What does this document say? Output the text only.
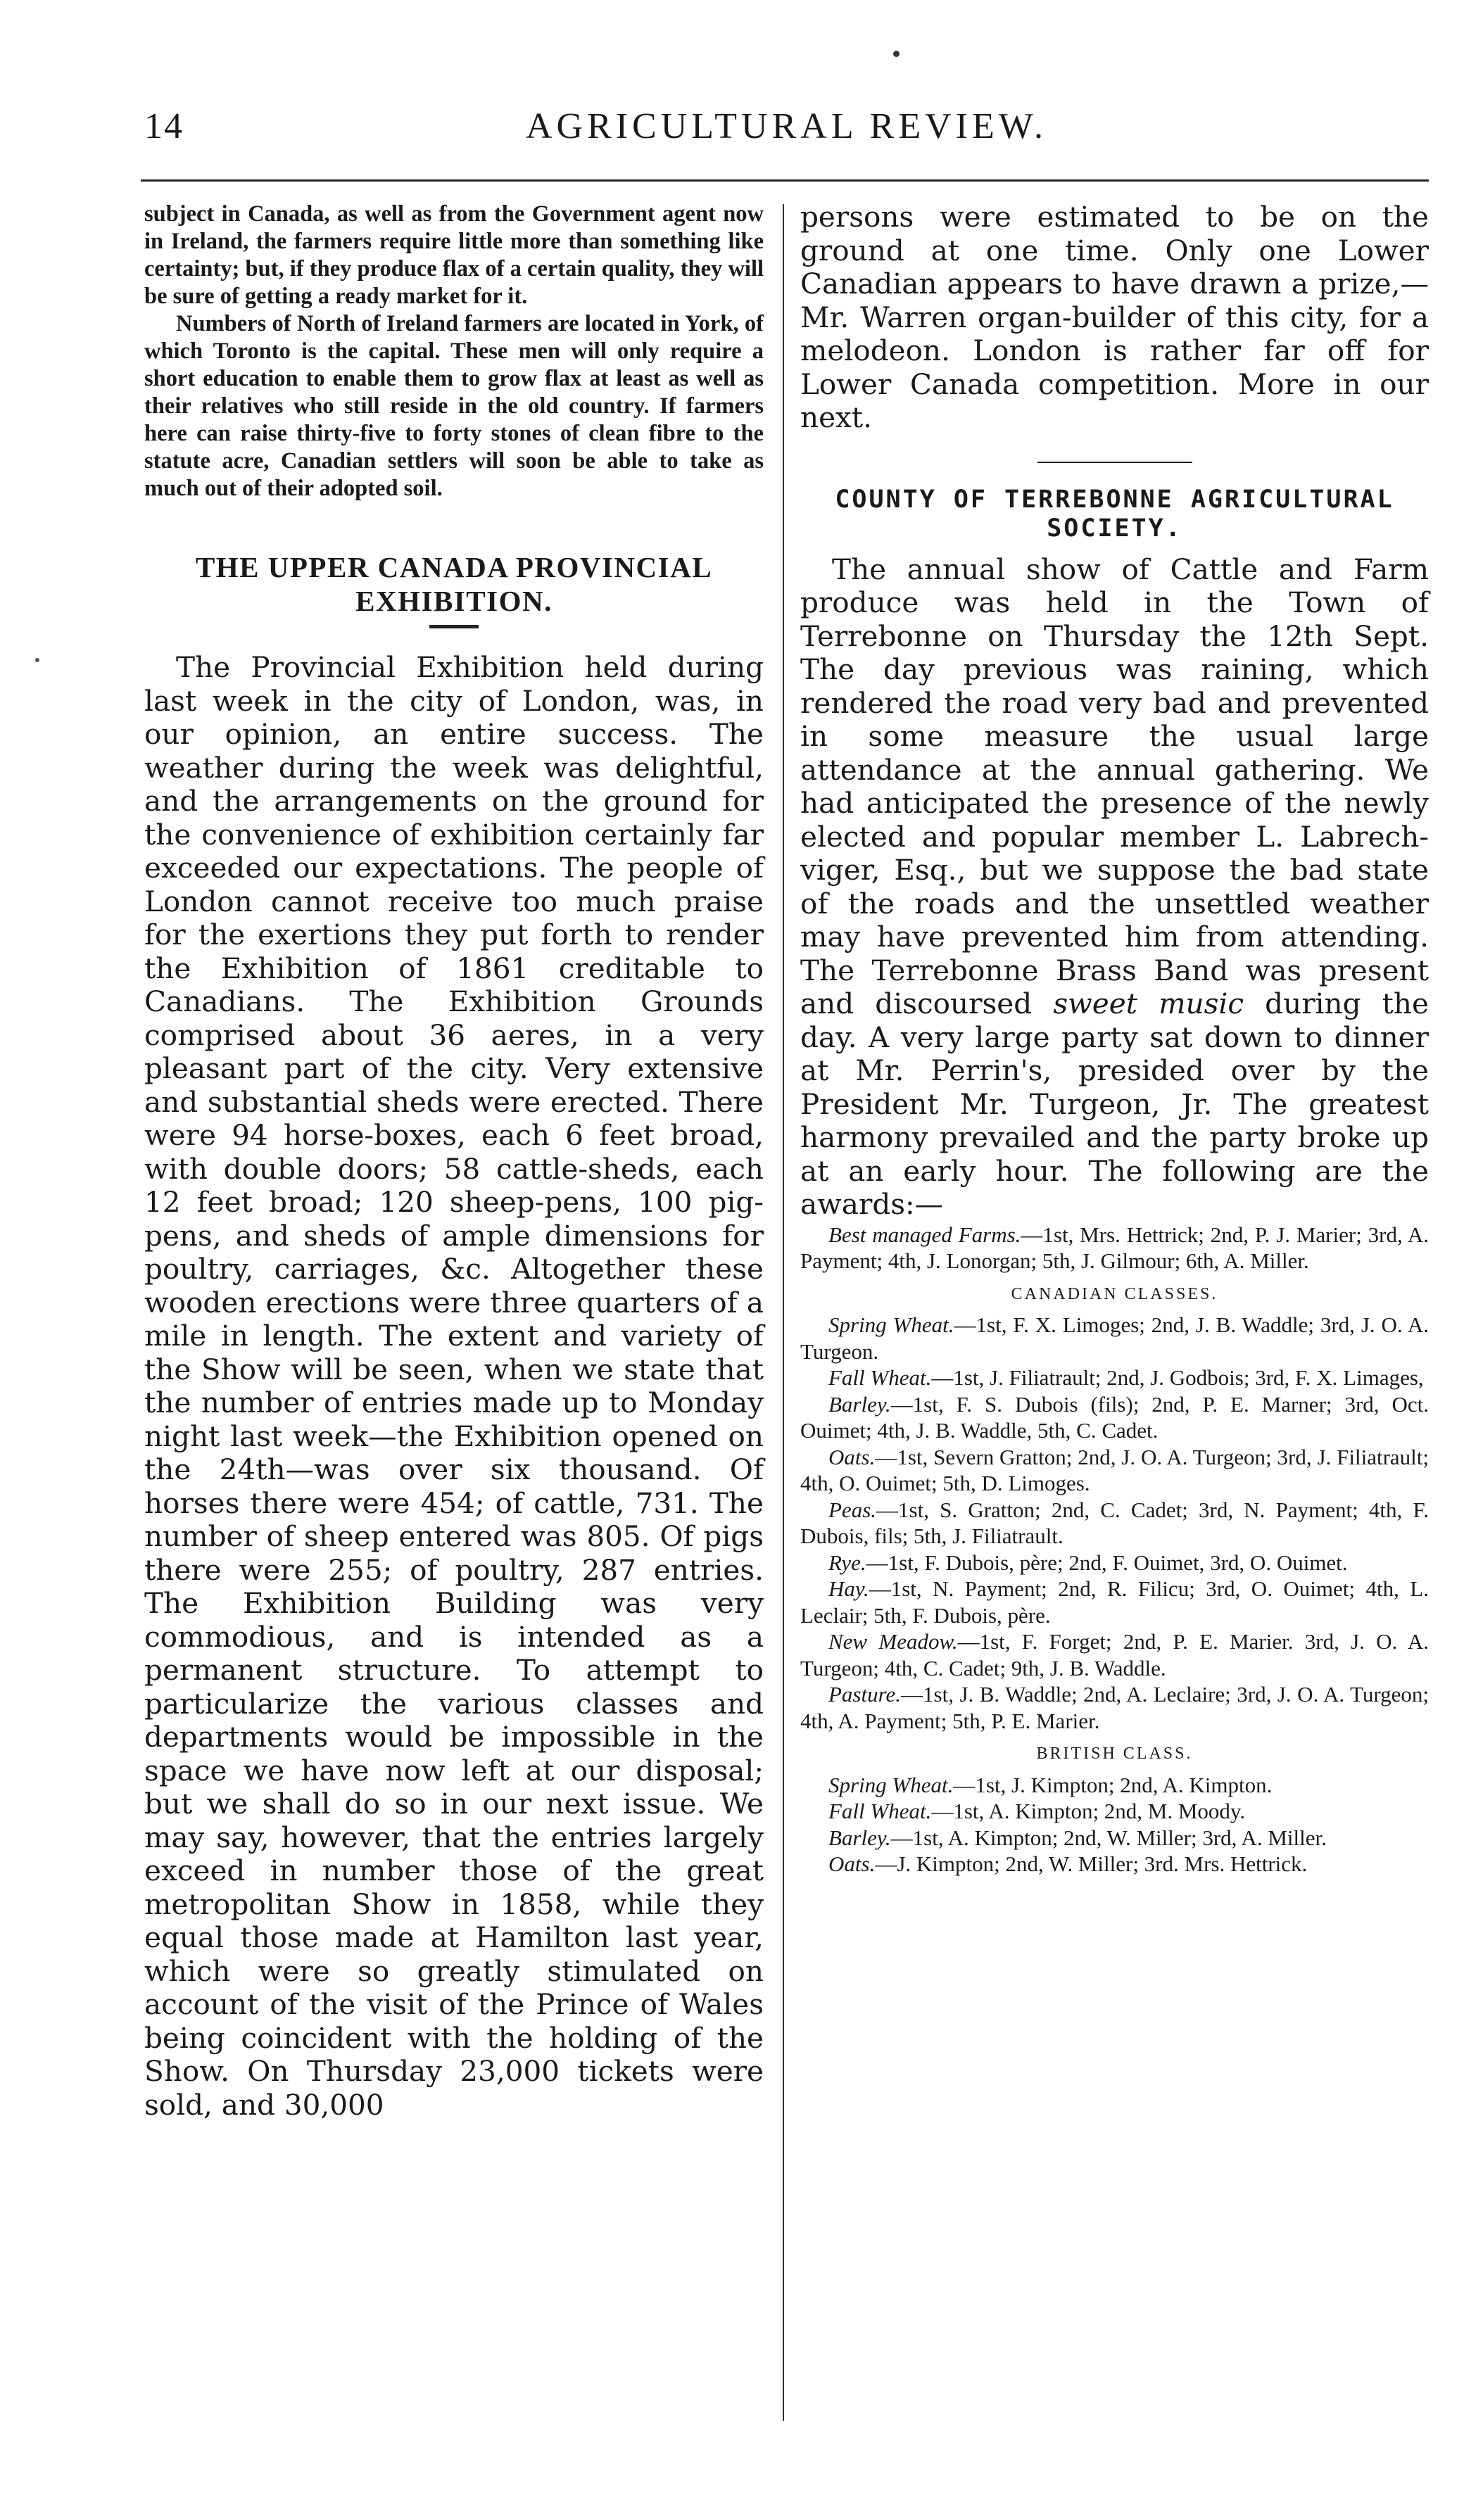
14	AGRICULTURAL REVIEW.

subject in Canada, as well as from the Government agent now in Ireland, the farmers require little more than something like certainty; but, if they produce flax of a certain quality, they will be sure of getting a ready market for it.

Numbers of North of Ireland farmers are located in York, of which Toronto is the capital. These men will only require a short education to enable them to grow flax at least as well as their relatives who still reside in the old country. If farmers here can raise thirty-five to forty stones of clean fibre to the statute acre, Canadian settlers will soon be able to take as much out of their adopted soil.

THE UPPER CANADA PROVINCIAL EXHIBITION.

The Provincial Exhibition held during last week in the city of London, was, in our opinion, an entire success. The weather during the week was delightful, and the arrangements on the ground for the convenience of exhibition certainly far exceeded our expectations. The people of London cannot receive too much praise for the exertions they put forth to render the Exhibition of 1861 creditable to Canadians. The Exhibition Grounds comprised about 36 aeres, in a very pleasant part of the city. Very extensive and substantial sheds were erected. There were 94 horse-boxes, each 6 feet broad, with double doors; 58 cattle-sheds, each 12 feet broad; 120 sheep-pens, 100 pig-pens, and sheds of ample dimensions for poultry, carriages, &c. Altogether these wooden erections were three quarters of a mile in length. The extent and variety of the Show will be seen, when we state that the number of entries made up to Monday night last week—the Exhibition opened on the 24th—was over six thousand. Of horses there were 454; of cattle, 731. The number of sheep entered was 805. Of pigs there were 255; of poultry, 287 entries. The Exhibition Building was very commodious, and is intended as a permanent structure. To attempt to particularize the various classes and departments would be impossible in the space we have now left at our disposal; but we shall do so in our next issue. We may say, however, that the entries largely exceed in number those of the great metropolitan Show in 1858, while they equal those made at Hamilton last year, which were so greatly stimulated on account of the visit of the Prince of Wales being coincident with the holding of the Show. On Thursday 23,000 tickets were sold, and 30,000

persons were estimated to be on the ground at one time. Only one Lower Canadian appears to have drawn a prize,—Mr. Warren organ-builder of this city, for a melodeon. London is rather far off for Lower Canada competition. More in our next.

COUNTY OF TERREBONNE AGRICULTURAL SOCIETY.

The annual show of Cattle and Farm produce was held in the Town of Terrebonne on Thursday the 12th Sept. The day previous was raining, which rendered the road very bad and prevented in some measure the usual large attendance at the annual gathering. We had anticipated the presence of the newly elected and popular member L. Labrech-viger, Esq., but we suppose the bad state of the roads and the unsettled weather may have prevented him from attending. The Terrebonne Brass Band was present and discoursed sweet music during the day. A very large party sat down to dinner at Mr. Perrin's, presided over by the President Mr. Turgeon, Jr. The greatest harmony prevailed and the party broke up at an early hour. The following are the awards:—

Best managed Farms.—1st, Mrs. Hettrick; 2nd, P. J. Marier; 3rd, A. Payment; 4th, J. Lonorgan; 5th, J. Gilmour; 6th, A. Miller.

CANADIAN CLASSES.

Spring Wheat.—1st, F. X. Limoges; 2nd, J. B. Waddle; 3rd, J. O. A. Turgeon.

Fall Wheat.—1st, J. Filiatrault; 2nd, J. Godbois; 3rd, F. X. Limages,

Barley.—1st, F. S. Dubois (fils); 2nd, P. E. Marner; 3rd, Oct. Ouimet; 4th, J. B. Waddle, 5th, C. Cadet.

Oats.—1st, Severn Gratton; 2nd, J. O. A. Turgeon; 3rd, J. Filiatrault; 4th, O. Ouimet; 5th, D. Limoges.

Peas.—1st, S. Gratton; 2nd, C. Cadet; 3rd, N. Payment; 4th, F. Dubois, fils; 5th, J. Filiatrault.

Rye.—1st, F. Dubois, père; 2nd, F. Ouimet, 3rd, O. Ouimet.

Hay.—1st, N. Payment; 2nd, R. Filicu; 3rd, O. Ouimet; 4th, L. Leclair; 5th, F. Dubois, père.

New Meadow.—1st, F. Forget; 2nd, P. E. Marier. 3rd, J. O. A. Turgeon; 4th, C. Cadet; 9th, J. B. Waddle.

Pasture.—1st, J. B. Waddle; 2nd, A. Leclaire; 3rd, J. O. A. Turgeon; 4th, A. Payment; 5th, P. E. Marier.

BRITISH CLASS.

Spring Wheat.—1st, J. Kimpton; 2nd, A. Kimpton.

Fall Wheat.—1st, A. Kimpton; 2nd, M. Moody.

Barley.—1st, A. Kimpton; 2nd, W. Miller; 3rd, A. Miller.

Oats.—J. Kimpton; 2nd, W. Miller; 3rd. Mrs. Hettrick.
